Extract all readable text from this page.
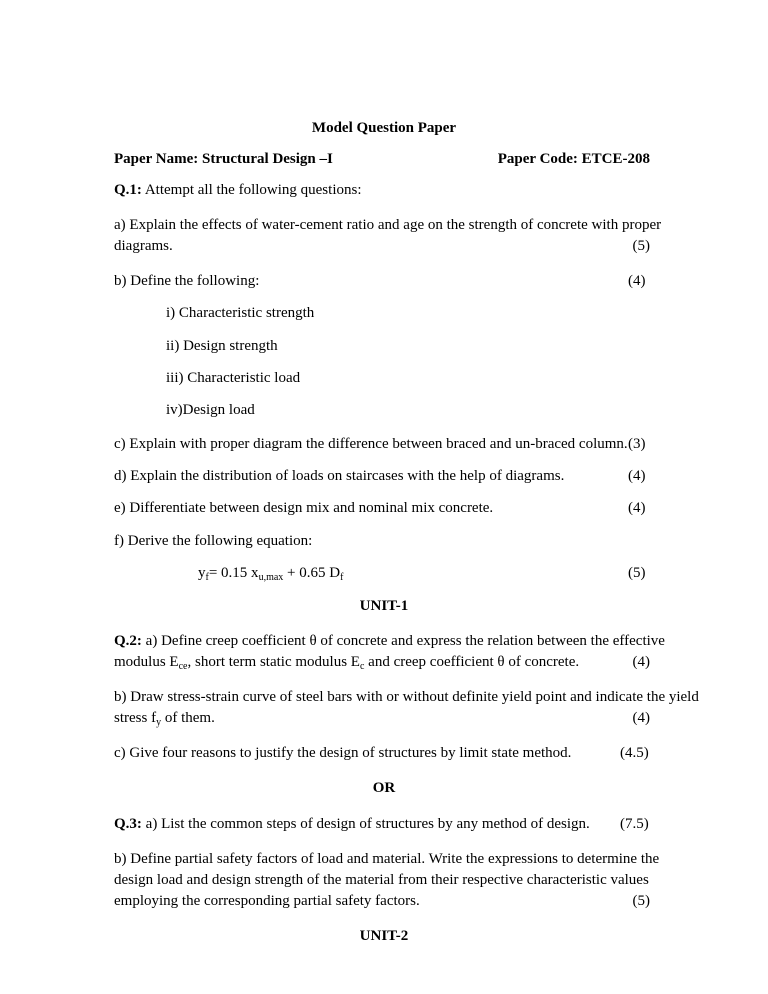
Model Question Paper
Paper Name: Structural Design –I	Paper Code: ETCE-208
Q.1: Attempt all the following questions:
a) Explain the effects of water-cement ratio and age on the strength of concrete with proper
diagrams.	(5)
b) Define the following:	(4)
i) Characteristic strength
ii) Design strength
iii) Characteristic load
iv)Design load
c) Explain with proper diagram the difference between braced and un-braced column. (3)
d) Explain the distribution of loads on staircases with the help of diagrams.	(4)
e) Differentiate between design mix and nominal mix concrete.	(4)
f) Derive the following equation:
$y_f= 0.15$ $x_{u,max} + 0.65$ $D_f$	(5)
UNIT-1
Q.2: a) Define creep coefficient θ of concrete and express the relation between the effective
modulus $E_{ce}$, short term static modulus $E_c$ and creep coefficient θ of concrete.	(4)
b) Draw stress-strain curve of steel bars with or without definite yield point and indicate the yield
stress $f_y$ of them.	(4)
c) Give four reasons to justify the design of structures by limit state method.	(4.5)
OR
Q.3: a) List the common steps of design of structures by any method of design. (7.5)
b) Define partial safety factors of load and material. Write the expressions to determine the
design load and design strength of the material from their respective characteristic values
employing the corresponding partial safety factors.	(5)
UNIT-2
